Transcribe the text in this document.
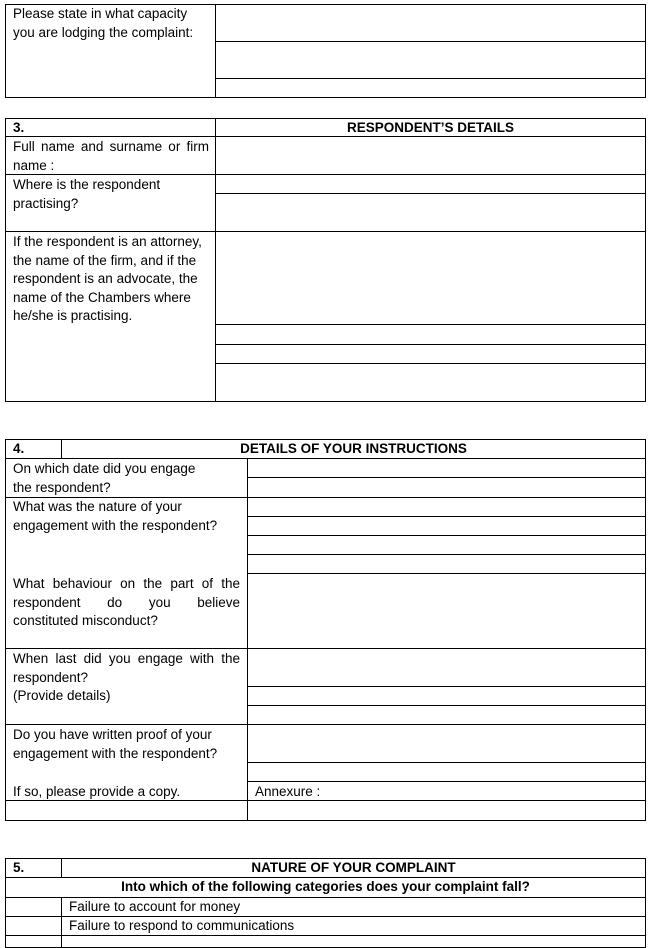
Please state in what capacity you are lodging the complaint:
3.	RESPONDENT’S DETAILS
Full name and surname or firm name :
Where is the respondent practising?
If the respondent is an attorney, the name of the firm, and if the respondent is an advocate, the name of the Chambers where he/she is practising.
4.	DETAILS OF YOUR INSTRUCTIONS
On which date did you engage the respondent?
What was the nature of your engagement with the respondent?
What behaviour on the part of the respondent do you believe constituted misconduct?
When last did you engage with the respondent?
(Provide details)
Do you have written proof of your engagement with the respondent?
If so, please provide a copy.	Annexure :
5.	NATURE OF YOUR COMPLAINT
Into which of the following categories does your complaint fall?
Failure to account for money
Failure to respond to communications
